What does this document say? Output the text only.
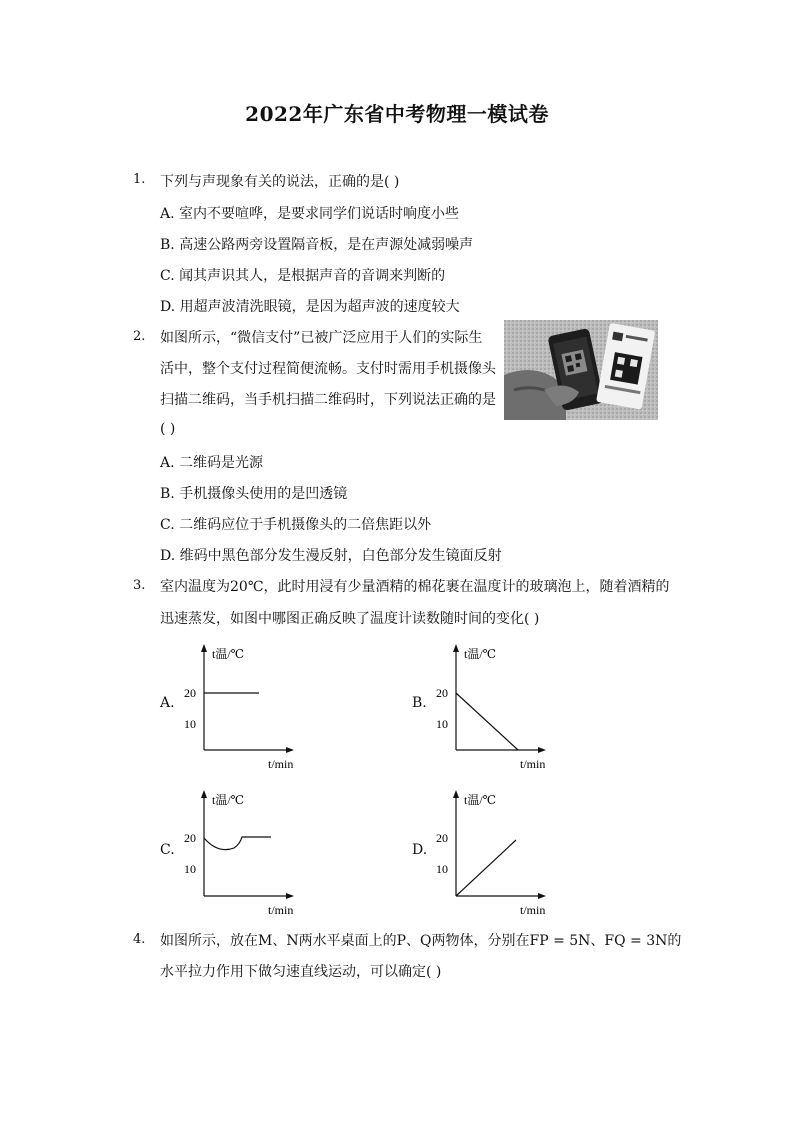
2022年广东省中考物理一模试卷
1. 下列与声现象有关的说法，正确的是( )
A. 室内不要喧哗，是要求同学们说话时响度小些
B. 高速公路两旁设置隔音板，是在声源处减弱噪声
C. 闻其声识其人，是根据声音的音调来判断的
D. 用超声波清洗眼镜，是因为超声波的速度较大
2. 如图所示，“微信支付”已被广泛应用于人们的实际生
活中，整个支付过程简便流畅。支付时需用手机摄像头
扫描二维码，当手机扫描二维码时，下列说法正确的是
( )
A. 二维码是光源
B. 手机摄像头使用的是凹透镜
C. 二维码应位于手机摄像头的二倍焦距以外
D. 维码中黑色部分发生漫反射，白色部分发生镜面反射
3. 室内温度为20℃，此时用浸有少量酒精的棉花裹在温度计的玻璃泡上，随着酒精的
迅速蒸发，如图中哪图正确反映了温度计读数随时间的变化( )
A.
t温/℃
20
10
t/min
B.
t温/℃
20
10
t/min
C.
t温/℃
20
10
t/min
D.
t温/℃
20
10
t/min
4. 如图所示，放在M、N两水平桌面上的P、Q两物体，分别在FP = 5N、FQ = 3N的
水平拉力作用下做匀速直线运动，可以确定( )
